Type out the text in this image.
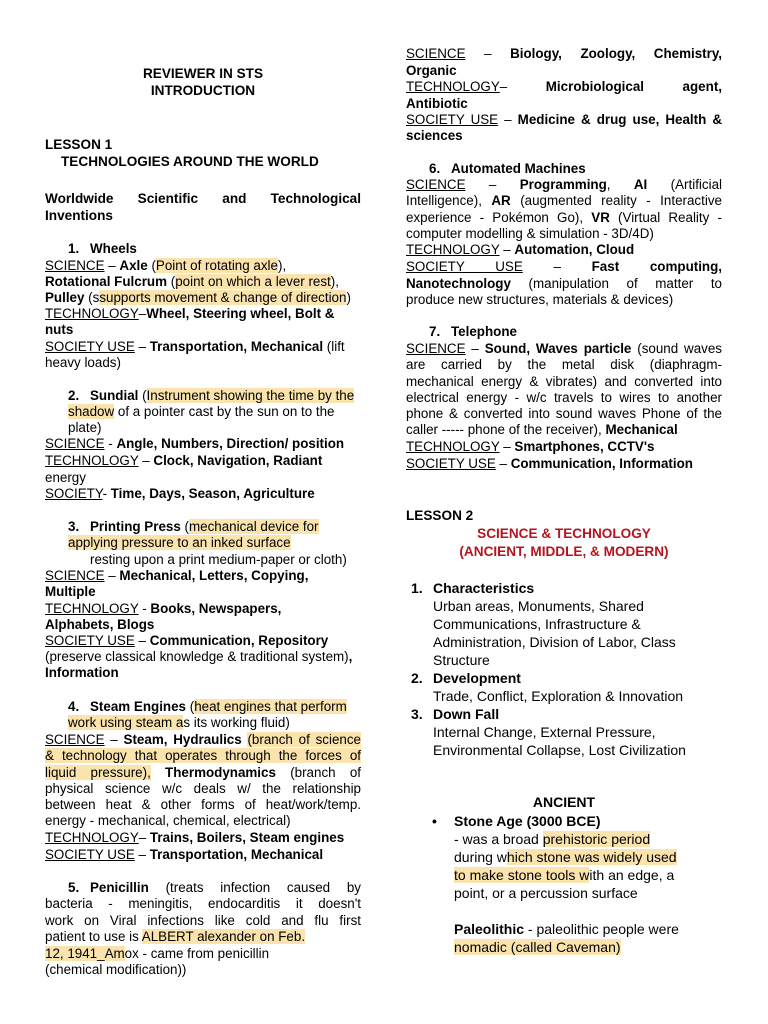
REVIEWER IN STS
INTRODUCTION
LESSON 1
TECHNOLOGIES AROUND THE WORLD
Worldwide Scientific and Technological Inventions
1. Wheels
SCIENCE – Axle (Point of rotating axle),
Rotational Fulcrum (point on which a lever rest),
Pulley (ssupports movement & change of direction)
TECHNOLOGY–Wheel, Steering wheel, Bolt & nuts
SOCIETY USE – Transportation, Mechanical (lift heavy loads)
2. Sundial (Instrument showing the time by the shadow of a pointer cast by the sun on to the plate)
SCIENCE - Angle, Numbers, Direction/ position
TECHNOLOGY – Clock, Navigation, Radiant
energy
SOCIETY- Time, Days, Season, Agriculture
3. Printing Press (mechanical device for applying pressure to an inked surface
resting upon a print medium-paper or cloth)
SCIENCE – Mechanical, Letters, Copying, Multiple
TECHNOLOGY - Books, Newspapers, Alphabets, Blogs
SOCIETY USE – Communication, Repository (preserve classical knowledge & traditional system), Information
4. Steam Engines (heat engines that perform work using steam as its working fluid)
SCIENCE – Steam, Hydraulics (branch of science & technology that operates through the forces of liquid pressure), Thermodynamics (branch of physical science w/c deals w/ the relationship between heat & other forms of heat/work/temp. energy - mechanical, chemical, electrical)
TECHNOLOGY– Trains, Boilers, Steam engines
SOCIETY USE – Transportation, Mechanical
5. Penicillin (treats infection caused by
bacteria - meningitis, endocarditis it doesn't
work on Viral infections like cold and flu first
patient to use is ALBERT alexander on Feb.
12, 1941_Amox - came from penicillin
(chemical modification))
SCIENCE – Biology, Zoology, Chemistry,
Organic
TECHNOLOGY– Microbiological agent,
Antibiotic
SOCIETY USE – Medicine & drug use, Health &
sciences
6. Automated Machines
SCIENCE – Programming, AI (Artificial
Intelligence), AR (augmented reality - Interactive
experience - Pokémon Go), VR (Virtual Reality -
computer modelling & simulation - 3D/4D)
TECHNOLOGY – Automation, Cloud
SOCIETY USE – Fast computing,
Nanotechnology (manipulation of matter to
produce new structures, materials & devices)
7. Telephone
SCIENCE – Sound, Waves particle (sound waves
are carried by the metal disk (diaphragm-
mechanical energy & vibrates) and converted into
electrical energy - w/c travels to wires to another
phone & converted into sound waves Phone of the
caller ----- phone of the receiver), Mechanical
TECHNOLOGY – Smartphones, CCTV's
SOCIETY USE – Communication, Information
LESSON 2
SCIENCE & TECHNOLOGY
(ANCIENT, MIDDLE, & MODERN)
1. Characteristics
Urban areas, Monuments, Shared
Communications, Infrastructure &
Administration, Division of Labor, Class
Structure
2. Development
Trade, Conflict, Exploration & Innovation
3. Down Fall
Internal Change, External Pressure,
Environmental Collapse, Lost Civilization
ANCIENT
• Stone Age (3000 BCE)
- was a broad prehistoric period
during which stone was widely used
to make stone tools with an edge, a
point, or a percussion surface
Paleolithic - paleolithic people were
nomadic (called Caveman)
